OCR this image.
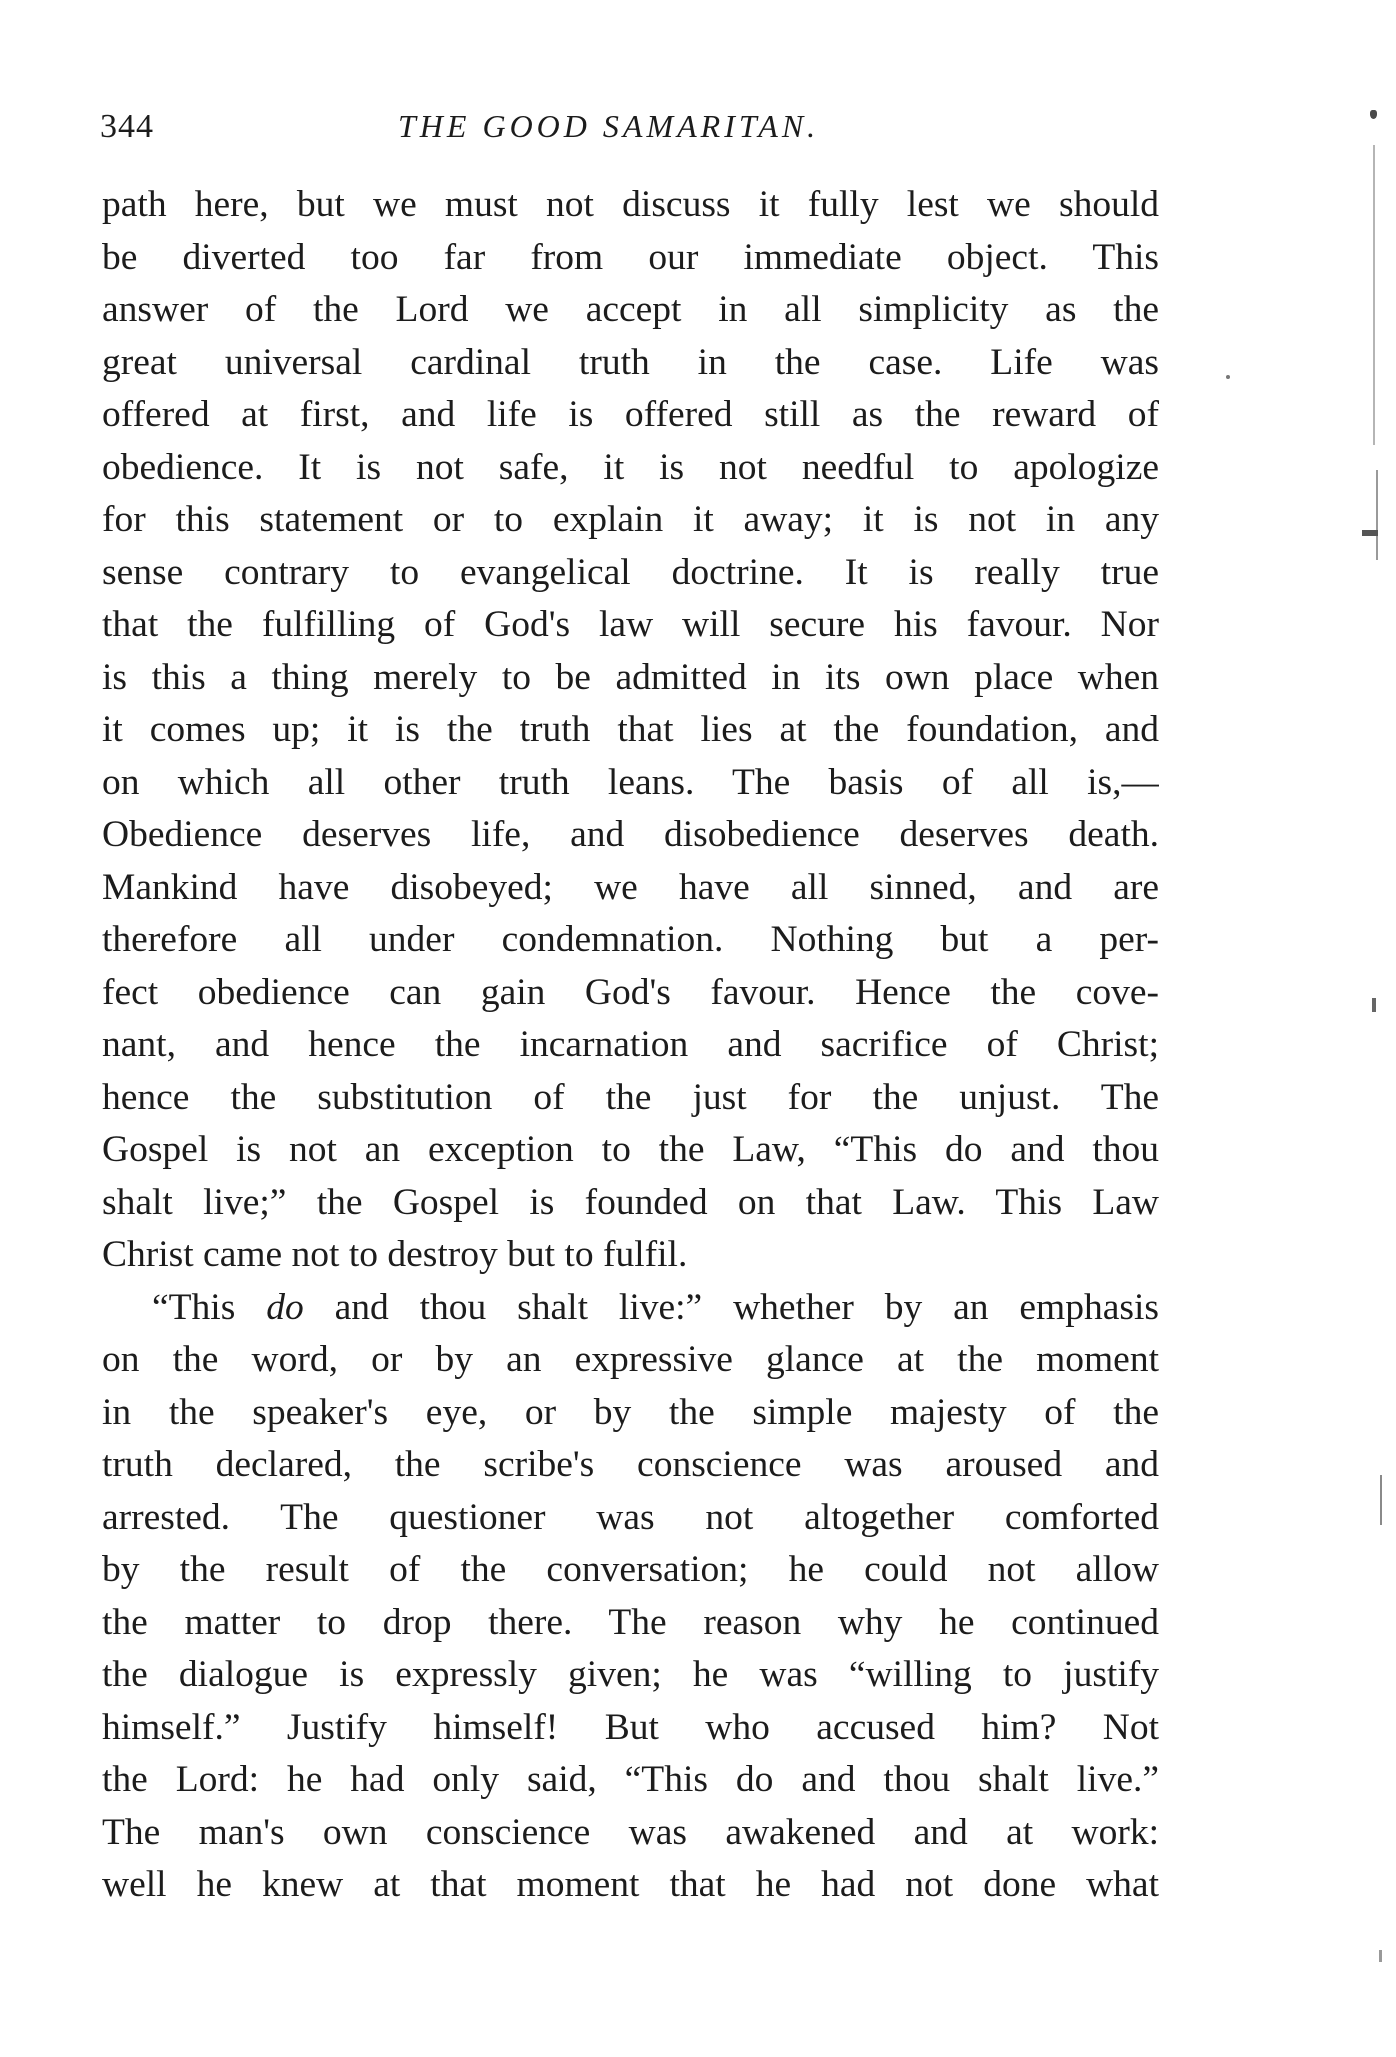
344	THE GOOD SAMARITAN.
path here, but we must not discuss it fully lest we should
be diverted too far from our immediate object. This
answer of the Lord we accept in all simplicity as the
great universal cardinal truth in the case. Life was
offered at first, and life is offered still as the reward of
obedience. It is not safe, it is not needful to apologize
for this statement or to explain it away; it is not in any
sense contrary to evangelical doctrine. It is really true
that the fulfilling of God's law will secure his favour. Nor
is this a thing merely to be admitted in its own place when
it comes up; it is the truth that lies at the foundation, and
on which all other truth leans. The basis of all is,—
Obedience deserves life, and disobedience deserves death.
Mankind have disobeyed; we have all sinned, and are
therefore all under condemnation. Nothing but a per-
fect obedience can gain God's favour. Hence the cove-
nant, and hence the incarnation and sacrifice of Christ;
hence the substitution of the just for the unjust. The
Gospel is not an exception to the Law, “This do and thou
shalt live;” the Gospel is founded on that Law. This Law
Christ came not to destroy but to fulfil.
“This do and thou shalt live:” whether by an emphasis
on the word, or by an expressive glance at the moment
in the speaker's eye, or by the simple majesty of the
truth declared, the scribe's conscience was aroused and
arrested. The questioner was not altogether comforted
by the result of the conversation; he could not allow
the matter to drop there. The reason why he continued
the dialogue is expressly given; he was “willing to justify
himself.” Justify himself! But who accused him? Not
the Lord: he had only said, “This do and thou shalt live.”
The man's own conscience was awakened and at work:
well he knew at that moment that he had not done what
